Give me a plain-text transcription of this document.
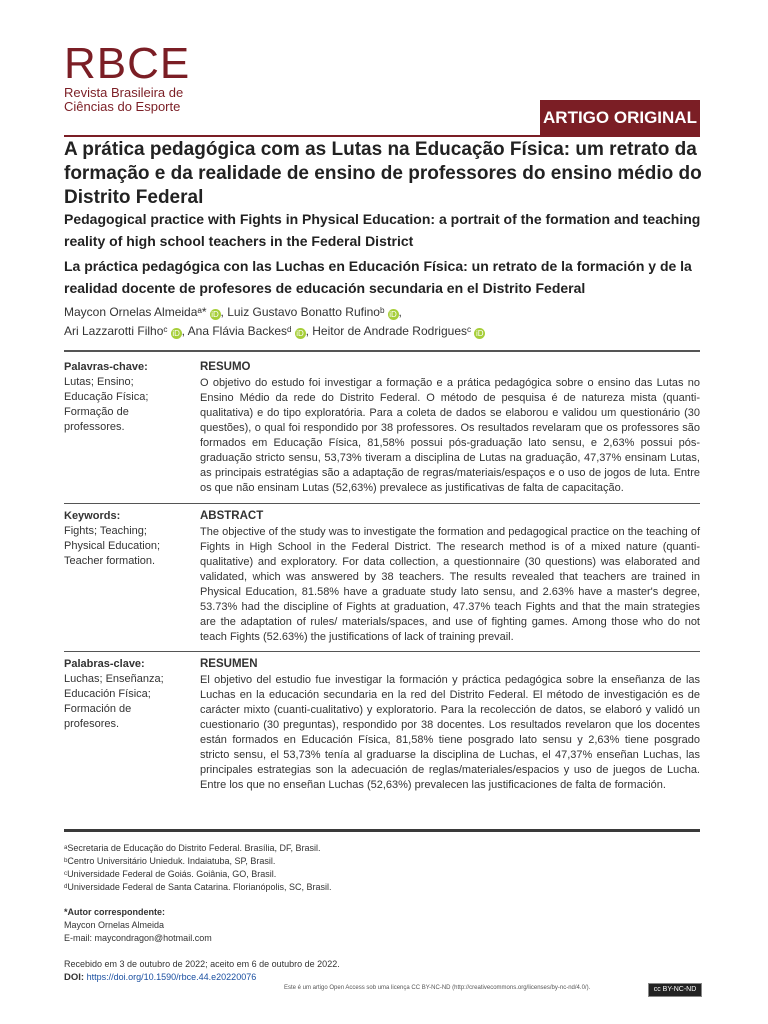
RBCE
Revista Brasileira de Ciências do Esporte
ARTIGO ORIGINAL
A prática pedagógica com as Lutas na Educação Física: um retrato da formação e da realidade de ensino de professores do ensino médio do Distrito Federal
Pedagogical practice with Fights in Physical Education: a portrait of the formation and teaching reality of high school teachers in the Federal District
La práctica pedagógica con las Luchas en Educación Física: un retrato de la formación y de la realidad docente de profesores de educación secundaria en el Distrito Federal
Maycon Ornelas Almeidaᵃ* iD , Luiz Gustavo Bonatto Rufinoᵇ iD ,
Ari Lazzarotti Filhoᶜ iD , Ana Flávia Backesᵈ iD , Heitor de Andrade Rodriguesᶜ iD
Palavras-chave:
Lutas; Ensino; Educação Física; Formação de professores.
RESUMO
O objetivo do estudo foi investigar a formação e a prática pedagógica sobre o ensino das Lutas no Ensino Médio da rede do Distrito Federal. O método de pesquisa é de natureza mista (quanti-qualitativa) e do tipo exploratória. Para a coleta de dados se elaborou e validou um questionário (30 questões), o qual foi respondido por 38 professores. Os resultados revelaram que os professores são formados em Educação Física, 81,58% possui pós-graduação lato sensu, e 2,63% possui pós-graduação stricto sensu, 53,73% tiveram a disciplina de Lutas na graduação, 47,37% ensinam Lutas, as principais estratégias são a adaptação de regras/materiais/espaços e o uso de jogos de luta. Entre os que não ensinam Lutas (52,63%) prevalece as justificativas de falta de capacitação.
Keywords:
Fights; Teaching; Physical Education; Teacher formation.
ABSTRACT
The objective of the study was to investigate the formation and pedagogical practice on the teaching of Fights in High School in the Federal District. The research method is of a mixed nature (quanti-qualitative) and exploratory. For data collection, a questionnaire (30 questions) was elaborated and validated, which was answered by 38 teachers. The results revealed that teachers are trained in Physical Education, 81.58% have a graduate study lato sensu, and 2.63% have a master's degree, 53.73% had the discipline of Fights at graduation, 47.37% teach Fights and that the main strategies are the adaptation of rules/ materials/spaces, and use of fighting games. Among those who do not teach Fights (52.63%) the justifications of lack of training prevail.
Palabras-clave:
Luchas; Enseñanza; Educación Física; Formación de profesores.
RESUMEN
El objetivo del estudio fue investigar la formación y práctica pedagógica sobre la enseñanza de las Luchas en la educación secundaria en la red del Distrito Federal. El método de investigación es de carácter mixto (cuanti-cualitativo) y exploratorio. Para la recolección de datos, se elaboró y validó un cuestionario (30 preguntas), respondido por 38 docentes. Los resultados revelaron que los docentes están formados en Educación Física, 81,58% tiene posgrado lato sensu y 2,63% tiene posgrado stricto sensu, el 53,73% tenía al graduarse la disciplina de Luchas, el 47,37% enseñan Luchas, las principales estrategias son la adecuación de reglas/materiales/espacios y uso de juegos de Lucha. Entre los que no enseñan Luchas (52,63%) prevalecen las justificaciones de falta de formación.
ᵃSecretaria de Educação do Distrito Federal. Brasília, DF, Brasil.
ᵇCentro Universitário Unieduk. Indaiatuba, SP, Brasil.
ᶜUniversidade Federal de Goiás. Goiânia, GO, Brasil.
ᵈUniversidade Federal de Santa Catarina. Florianópolis, SC, Brasil.
*Autor correspondente:
Maycon Ornelas Almeida
E-mail: maycondragon@hotmail.com
Recebido em 3 de outubro de 2022; aceito em 6 de outubro de 2022.
DOI: https://doi.org/10.1590/rbce.44.e20220076
Este é um artigo Open Access sob uma licença CC BY-NC-ND (http://creativecommons.org/licenses/by-nc-nd/4.0/).	cc BY-NC-ND
